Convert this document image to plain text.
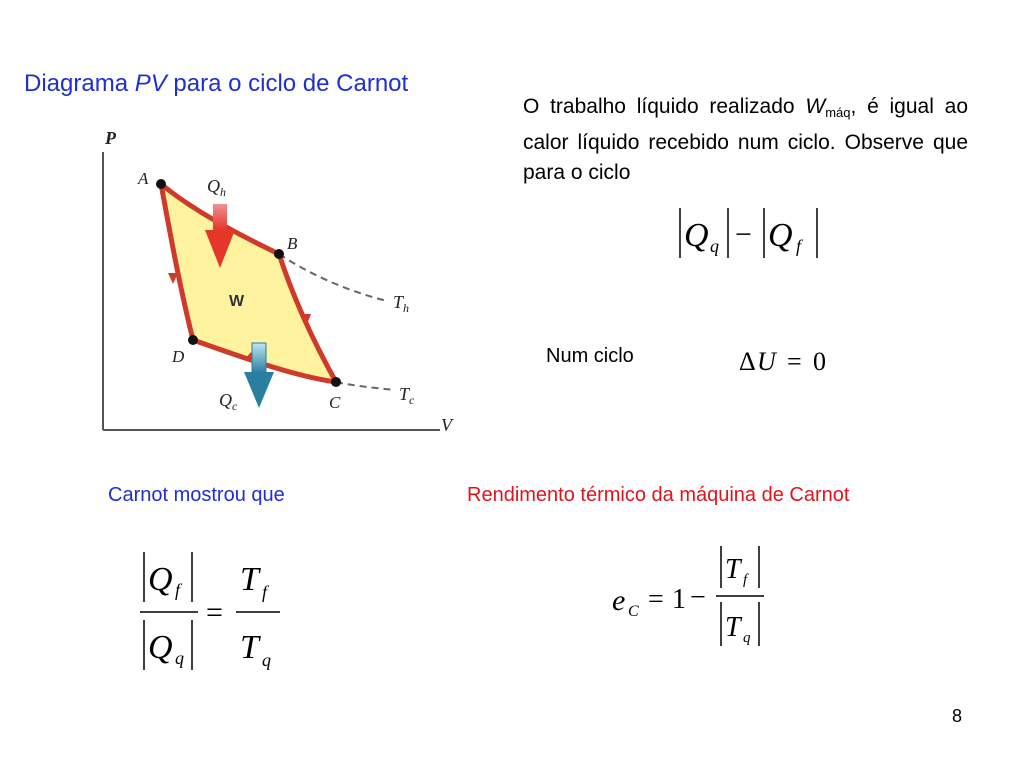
Diagrama PV para o ciclo de Carnot
P
V
A
B
C
D
$Q_h$
$Q_c$
W	$T_h$
$T_c$
O trabalho líquido realizado $W_{máq}$, é igual ao calor líquido recebido num ciclo. Observe que para o ciclo
Q q − Q f
Num ciclo	Δ U = 0
Carnot mostrou que	Rendimento térmico da máquina de Carnot
Q f
Q q
=
T f
T q
e C = 1 −
T f
T q
8
